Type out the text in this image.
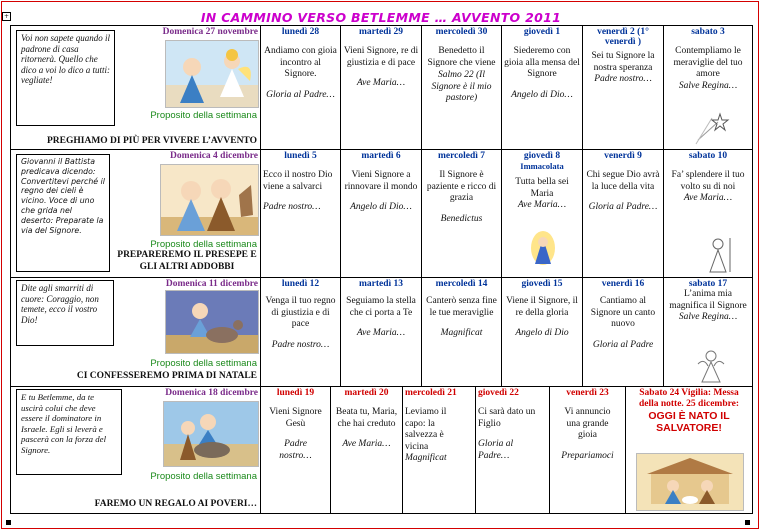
+	IN CAMMINO VERSO BETLEMME … AVVENTO 2011
Voi non sapete quando il padrone di casa ritornerà. Quello che dico a voi lo dico a tutti: vegliate!
Domenica 27 novembre
Proposito della settimana
PREGHIAMO DI PIÙ PER VIVERE L’AVVENTO
lunedì 28
Andiamo con gioia incontro al Signore.
Gloria al Padre…
martedì 29
Vieni Signore, re di giustizia e di pace
Ave Maria…
mercoledì 30
Benedetto il Signore che viene
Salmo 22 (Il Signore è il mio pastore)
giovedì 1
Siederemo con gioia alla mensa del Signore
Angelo di Dio…
venerdì 2 (1° venerdì )
Sei tu Signore la nostra speranza
Padre nostro…
sabato 3
Contempliamo le meraviglie del tuo amore
Salve Regina…
Giovanni il Battista predicava dicendo: Convertitevi perché il regno dei cieli è vicino. Voce di uno che grida nel deserto: Preparate la via del Signore.
Domenica 4 dicembre
Proposito della settimana
PREPAREREMO IL PRESEPE E GLI ALTRI ADDOBBI
lunedì 5
Ecco il nostro Dio viene a salvarci
Padre nostro…
martedì 6
Vieni Signore a rinnovare il mondo
Angelo di Dio…
mercoledì 7
Il Signore è paziente e ricco di grazia
Benedictus
giovedì 8
Immacolata
Tutta bella sei Maria
Ave Maria…
venerdì 9
Chi segue Dio avrà la luce della vita
Gloria al Padre…
sabato 10
Fa’ splendere il tuo volto su di noi
Ave Maria…
Dite agli smarriti di cuore: Coraggio, non temete, ecco il vostro Dio!
Domenica 11 dicembre
Proposito della settimana
CI CONFESSEREMO PRIMA DI NATALE
lunedì 12
Venga il tuo regno di giustizia e di pace
Padre nostro…
martedì 13
Seguiamo la stella che ci porta a Te
Ave Maria…
mercoledì 14
Canterò senza fine le tue meraviglie
Magnificat
giovedì 15
Viene il Signore, il re della gloria
Angelo di Dio
venerdì 16
Cantiamo al Signore un canto nuovo
Gloria al Padre
sabato 17
L’anima mia magnifica il Signore
Salve Regina…
E tu Betlemme, da te uscirà colui che deve essere il dominatore in Israele. Egli si leverà e pascerà con la forza del Signore.
Domenica 18 dicembre
Proposito della settimana
FAREMO UN REGALO AI POVERI…
lunedì 19
Vieni Signore Gesù
Padre nostro…
martedì 20
Beata tu, Maria, che hai creduto
Ave Maria…
mercoledì 21
Leviamo il capo: la salvezza è vicina
Magnificat
giovedì 22
Ci sarà dato un Figlio
Gloria al Padre…
venerdì 23
Vi annuncio una grande gioia
Prepariamoci
Sabato 24 Vigilia: Messa della notte. 25 dicembre:
OGGI È NATO IL SALVATORE!
